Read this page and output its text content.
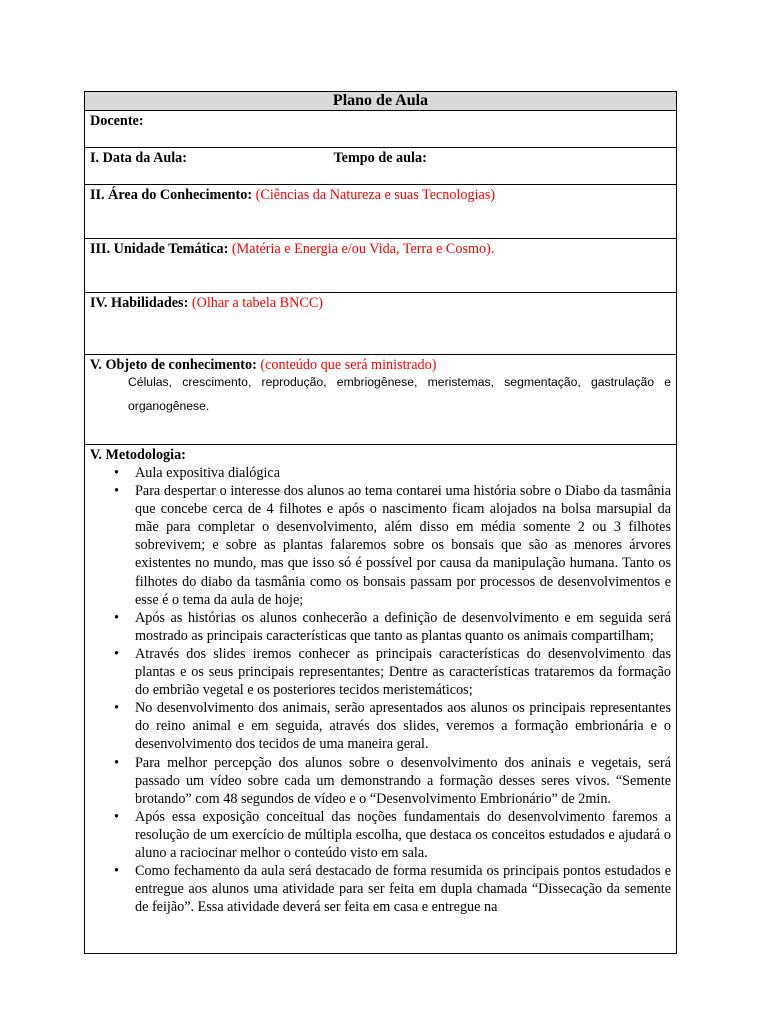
Plano de Aula
Docente:
I. Data da Aula:	Tempo de aula:
II. Área do Conhecimento: (Ciências da Natureza e suas Tecnologias)
III. Unidade Temática: (Matéria e Energia e/ou Vida, Terra e Cosmo).
IV. Habilidades: (Olhar a tabela BNCC)
V. Objeto de conhecimento: (conteúdo que será ministrado)
Células, crescimento, reprodução, embriogênese, meristemas, segmentação, gastrulação e organogênese.

V. Metodologia:
• Aula expositiva dialógica
• Para despertar o interesse dos alunos ao tema contarei uma história sobre o Diabo da tasmânia que concebe cerca de 4 filhotes e após o nascimento ficam alojados na bolsa marsupial da mãe para completar o desenvolvimento, além disso em média somente 2 ou 3 filhotes sobrevivem; e sobre as plantas falaremos sobre os bonsais que são as menores árvores existentes no mundo, mas que isso só é possível por causa da manipulação humana. Tanto os filhotes do diabo da tasmânia como os bonsais passam por processos de desenvolvimentos e esse é o tema da aula de hoje;
• Após as histórias os alunos conhecerão a definição de desenvolvimento e em seguida será mostrado as principais características que tanto as plantas quanto os animais compartilham;
• Através dos slides iremos conhecer as principais características do desenvolvimento das plantas e os seus principais representantes; Dentre as características trataremos da formação do embrião vegetal e os posteriores tecidos meristemáticos;
• No desenvolvimento dos animais, serão apresentados aos alunos os principais representantes do reino animal e em seguida, através dos slides, veremos a formação embrionária e o desenvolvimento dos tecidos de uma maneira geral.
• Para melhor percepção dos alunos sobre o desenvolvimento dos aninais e vegetais, será passado um vídeo sobre cada um demonstrando a formação desses seres vivos. “Semente brotando” com 48 segundos de vídeo e o “Desenvolvimento Embrionário” de 2min.
• Após essa exposição conceitual das noções fundamentais do desenvolvimento faremos a resolução de um exercício de múltipla escolha, que destaca os conceitos estudados e ajudará o aluno a raciocinar melhor o conteúdo visto em sala.
• Como fechamento da aula será destacado de forma resumida os principais pontos estudados e entregue aos alunos uma atividade para ser feita em dupla chamada “Dissecação da semente de feijão”. Essa atividade deverá ser feita em casa e entregue na
